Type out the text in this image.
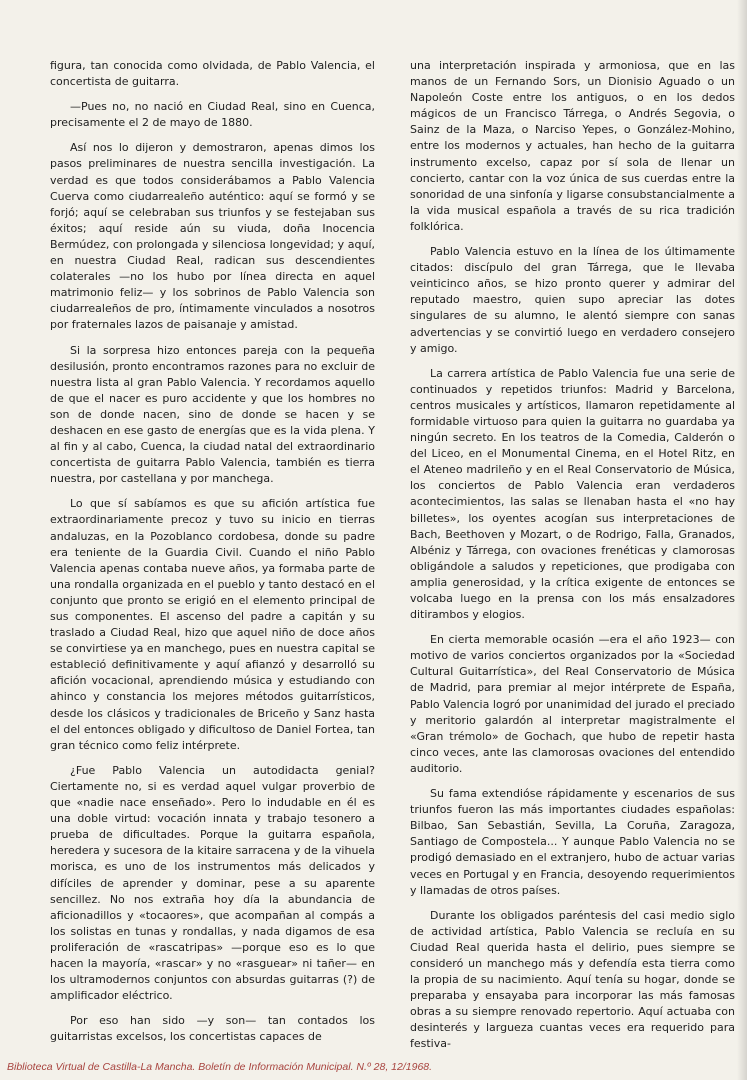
figura, tan conocida como olvidada, de Pablo Valencia, el concertista de guitarra.

—Pues no, no nació en Ciudad Real, sino en Cuenca, precisamente el 2 de mayo de 1880.

Así nos lo dijeron y demostraron, apenas dimos los pasos preliminares de nuestra sencilla investigación. La verdad es que todos considerábamos a Pablo Valencia Cuerva como ciudarrealeño auténtico: aquí se formó y se forjó; aquí se celebraban sus triunfos y se festejaban sus éxitos; aquí reside aún su viuda, doña Inocencia Bermúdez, con prolongada y silenciosa longevidad; y aquí, en nuestra Ciudad Real, radican sus descendientes colaterales —no los hubo por línea directa en aquel matrimonio feliz— y los sobrinos de Pablo Valencia son ciudarrealeños de pro, íntimamente vinculados a nosotros por fraternales lazos de paisanaje y amistad.

Si la sorpresa hizo entonces pareja con la pequeña desilusión, pronto encontramos razones para no excluir de nuestra lista al gran Pablo Valencia. Y recordamos aquello de que el nacer es puro accidente y que los hombres no son de donde nacen, sino de donde se hacen y se deshacen en ese gasto de energías que es la vida plena. Y al fin y al cabo, Cuenca, la ciudad natal del extraordinario concertista de guitarra Pablo Valencia, también es tierra nuestra, por castellana y por manchega.

Lo que sí sabíamos es que su afición artística fue extraordinariamente precoz y tuvo su inicio en tierras andaluzas, en la Pozoblanco cordobesa, donde su padre era teniente de la Guardia Civil. Cuando el niño Pablo Valencia apenas contaba nueve años, ya formaba parte de una rondalla organizada en el pueblo y tanto destacó en el conjunto que pronto se erigió en el elemento principal de sus componentes. El ascenso del padre a capitán y su traslado a Ciudad Real, hizo que aquel niño de doce años se convirtiese ya en manchego, pues en nuestra capital se estableció definitivamente y aquí afianzó y desarrolló su afición vocacional, aprendiendo música y estudiando con ahinco y constancia los mejores métodos guitarrísticos, desde los clásicos y tradicionales de Briceño y Sanz hasta el del entonces obligado y dificultoso de Daniel Fortea, tan gran técnico como feliz intérprete.

¿Fue Pablo Valencia un autodidacta genial? Ciertamente no, si es verdad aquel vulgar proverbio de que «nadie nace enseñado». Pero lo indudable en él es una doble virtud: vocación innata y trabajo tesonero a prueba de dificultades. Porque la guitarra española, heredera y sucesora de la kitaire sarracena y de la vihuela morisca, es uno de los instrumentos más delicados y difíciles de aprender y dominar, pese a su aparente sencillez. No nos extraña hoy día la abundancia de aficionadillos y «tocaores», que acompañan al compás a los solistas en tunas y rondallas, y nada digamos de esa proliferación de «rascatripas» —porque eso es lo que hacen la mayoría, «rascar» y no «rasguear» ni tañer— en los ultramodernos conjuntos con absurdas guitarras (?) de amplificador eléctrico.

Por eso han sido —y son— tan contados los guitarristas excelsos, los concertistas capaces de

una interpretación inspirada y armoniosa, que en las manos de un Fernando Sors, un Dionisio Aguado o un Napoleón Coste entre los antiguos, o en los dedos mágicos de un Francisco Tárrega, o Andrés Segovia, o Sainz de la Maza, o Narciso Yepes, o González-Mohino, entre los modernos y actuales, han hecho de la guitarra instrumento excelso, capaz por sí sola de llenar un concierto, cantar con la voz única de sus cuerdas entre la sonoridad de una sinfonía y ligarse consubstancialmente a la vida musical española a través de su rica tradición folklórica.

Pablo Valencia estuvo en la línea de los últimamente citados: discípulo del gran Tárrega, que le llevaba veinticinco años, se hizo pronto querer y admirar del reputado maestro, quien supo apreciar las dotes singulares de su alumno, le alentó siempre con sanas advertencias y se convirtió luego en verdadero consejero y amigo.

La carrera artística de Pablo Valencia fue una serie de continuados y repetidos triunfos: Madrid y Barcelona, centros musicales y artísticos, llamaron repetidamente al formidable virtuoso para quien la guitarra no guardaba ya ningún secreto. En los teatros de la Comedia, Calderón o del Liceo, en el Monumental Cinema, en el Hotel Ritz, en el Ateneo madrileño y en el Real Conservatorio de Música, los conciertos de Pablo Valencia eran verdaderos acontecimientos, las salas se llenaban hasta el «no hay billetes», los oyentes acogían sus interpretaciones de Bach, Beethoven y Mozart, o de Rodrigo, Falla, Granados, Albéniz y Tárrega, con ovaciones frenéticas y clamorosas obligándole a saludos y repeticiones, que prodigaba con amplia generosidad, y la crítica exigente de entonces se volcaba luego en la prensa con los más ensalzadores ditirambos y elogios.

En cierta memorable ocasión —era el año 1923— con motivo de varios conciertos organizados por la «Sociedad Cultural Guitarrística», del Real Conservatorio de Música de Madrid, para premiar al mejor intérprete de España, Pablo Valencia logró por unanimidad del jurado el preciado y meritorio galardón al interpretar magistralmente el «Gran trémolo» de Gochach, que hubo de repetir hasta cinco veces, ante las clamorosas ovaciones del entendido auditorio.

Su fama extendióse rápidamente y escenarios de sus triunfos fueron las más importantes ciudades españolas: Bilbao, San Sebastián, Sevilla, La Coruña, Zaragoza, Santiago de Compostela... Y aunque Pablo Valencia no se prodigó demasiado en el extranjero, hubo de actuar varias veces en Portugal y en Francia, desoyendo requerimientos y llamadas de otros países.

Durante los obligados paréntesis del casi medio siglo de actividad artística, Pablo Valencia se recluía en su Ciudad Real querida hasta el delirio, pues siempre se consideró un manchego más y defendía esta tierra como la propia de su nacimiento. Aquí tenía su hogar, donde se preparaba y ensayaba para incorporar las más famosas obras a su siempre renovado repertorio. Aquí actuaba con desinterés y largueza cuantas veces era requerido para festiva-

Biblioteca Virtual de Castilla-La Mancha. Boletín de Información Municipal. N.º 28, 12/1968.
